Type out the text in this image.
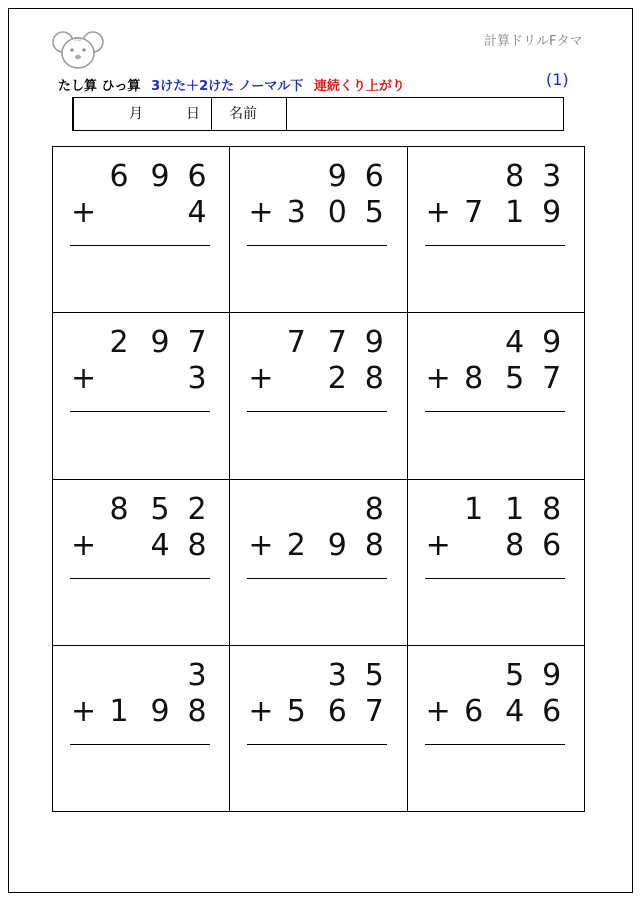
FD	計算ドリルFタマ
たし算 ひっ算 3けた＋2けた ノーマル下 連続くり上がり	(1)
月	日 名前
6 9 6
+	4
9 6
+ 3 0 5
8 3
+ 7 1 9
2 9 7
+	3
7 7 9
+ 2 8
4 9
+ 8 5 7
8 5 2
+ 4 8
8
+ 2 9 8
1 1 8
+ 8 6
3
+ 1 9 8
3 5
+ 5 6 7
5 9
+ 6 4 6
